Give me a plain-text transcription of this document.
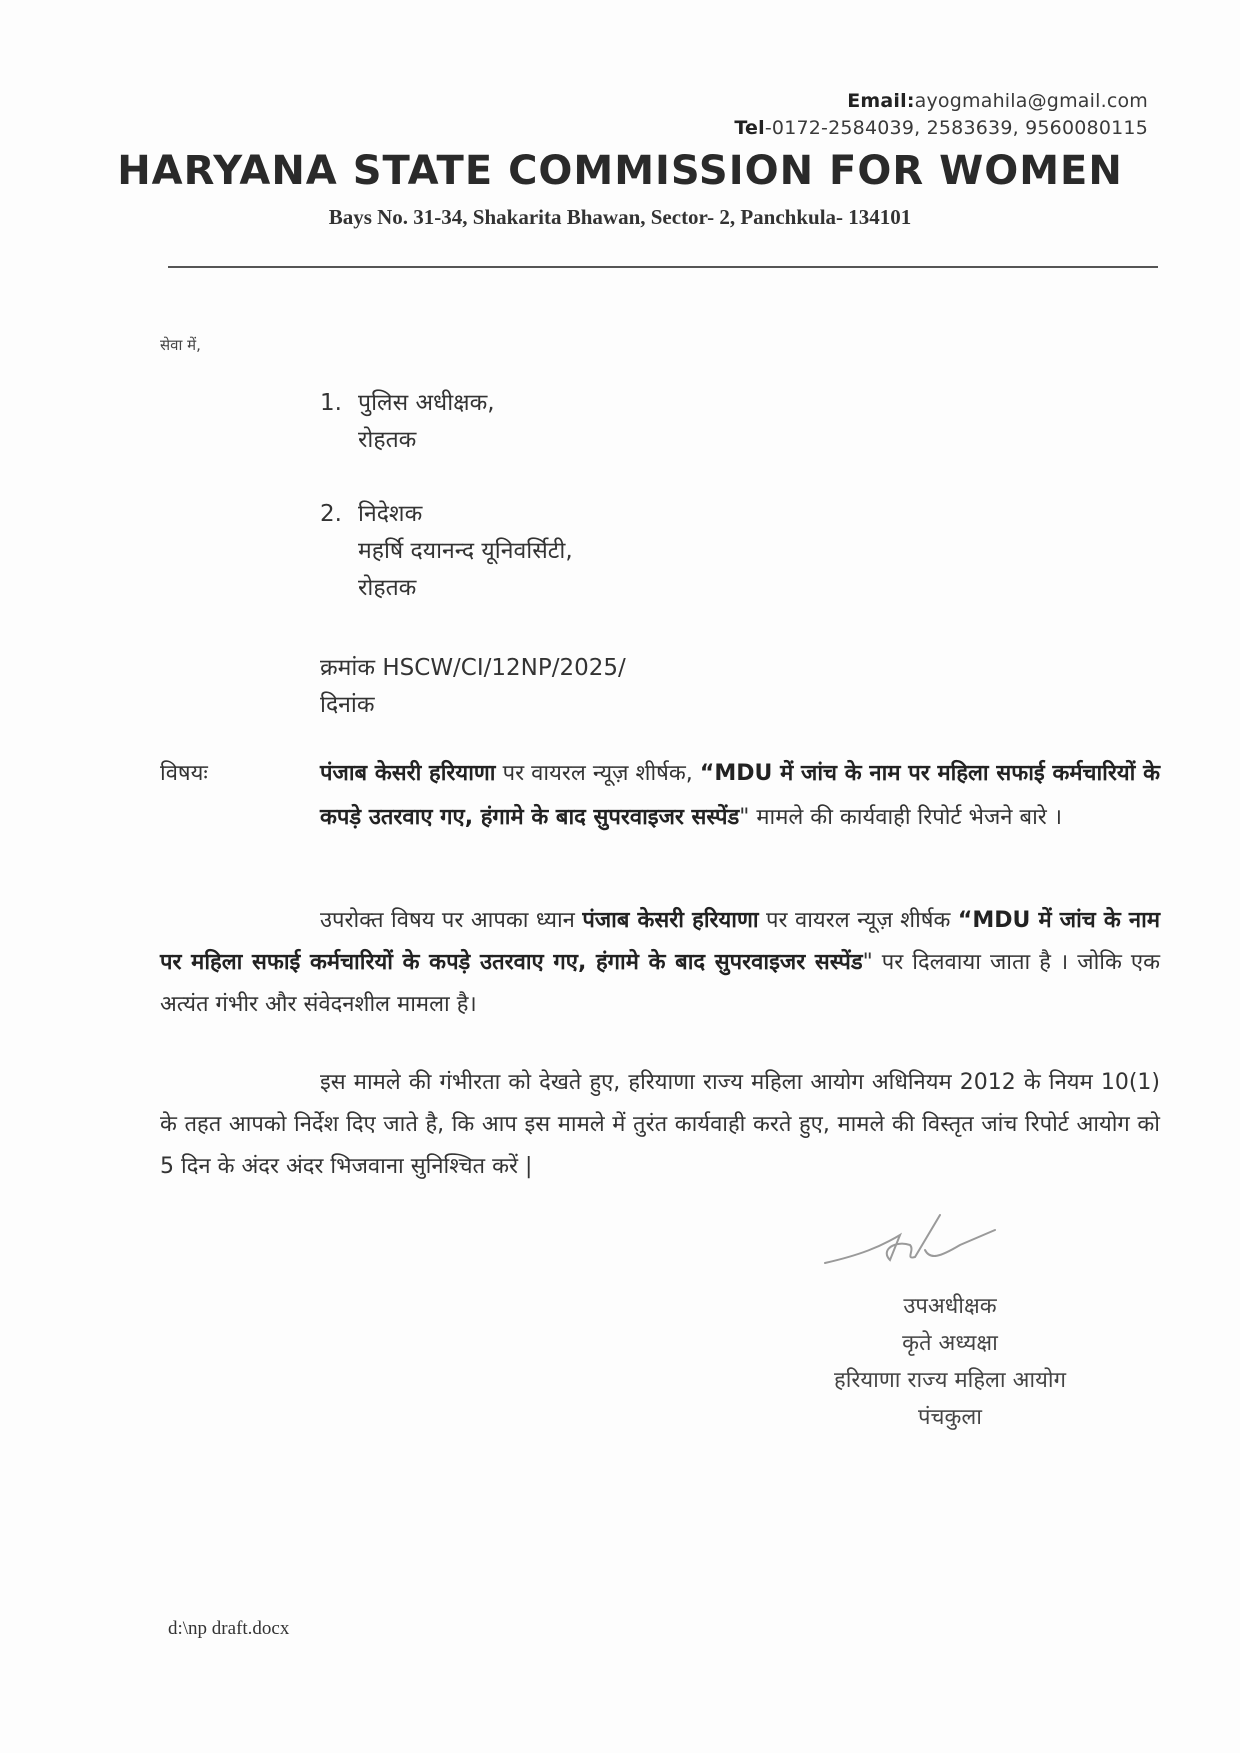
Email:ayogmahila@gmail.com
Tel-0172-2584039, 2583639, 9560080115
HARYANA STATE COMMISSION FOR WOMEN
Bays No. 31-34, Shakarita Bhawan, Sector- 2, Panchkula- 134101
सेवा में,
1. पुलिस अधीक्षक,
रोहतक
2. निदेशक
महर्षि दयानन्द यूनिवर्सिटी,
रोहतक
क्रमांक HSCW/CI/12NP/2025/
दिनांक
विषयः	पंजाब केसरी हरियाणा पर वायरल न्यूज़ शीर्षक, “MDU में जांच के नाम पर महिला सफाई कर्मचारियों के कपड़े उतरवाए गए, हंगामे के बाद सुपरवाइजर सस्पेंड" मामले की कार्यवाही रिपोर्ट भेजने बारे ।
उपरोक्त विषय पर आपका ध्यान पंजाब केसरी हरियाणा पर वायरल न्यूज़ शीर्षक “MDU में जांच के नाम पर महिला सफाई कर्मचारियों के कपड़े उतरवाए गए, हंगामे के बाद सुपरवाइजर सस्पेंड" पर दिलवाया जाता है । जोकि एक अत्यंत गंभीर और संवेदनशील मामला है।
इस मामले की गंभीरता को देखते हुए, हरियाणा राज्य महिला आयोग अधिनियम 2012 के नियम 10(1) के तहत आपको निर्देश दिए जाते है, कि आप इस मामले में तुरंत कार्यवाही करते हुए, मामले की विस्तृत जांच रिपोर्ट आयोग को 5 दिन के अंदर अंदर भिजवाना सुनिश्चित करें |
उपअधीक्षक
कृते अध्यक्षा
हरियाणा राज्य महिला आयोग
पंचकुला
d:\np draft.docx
